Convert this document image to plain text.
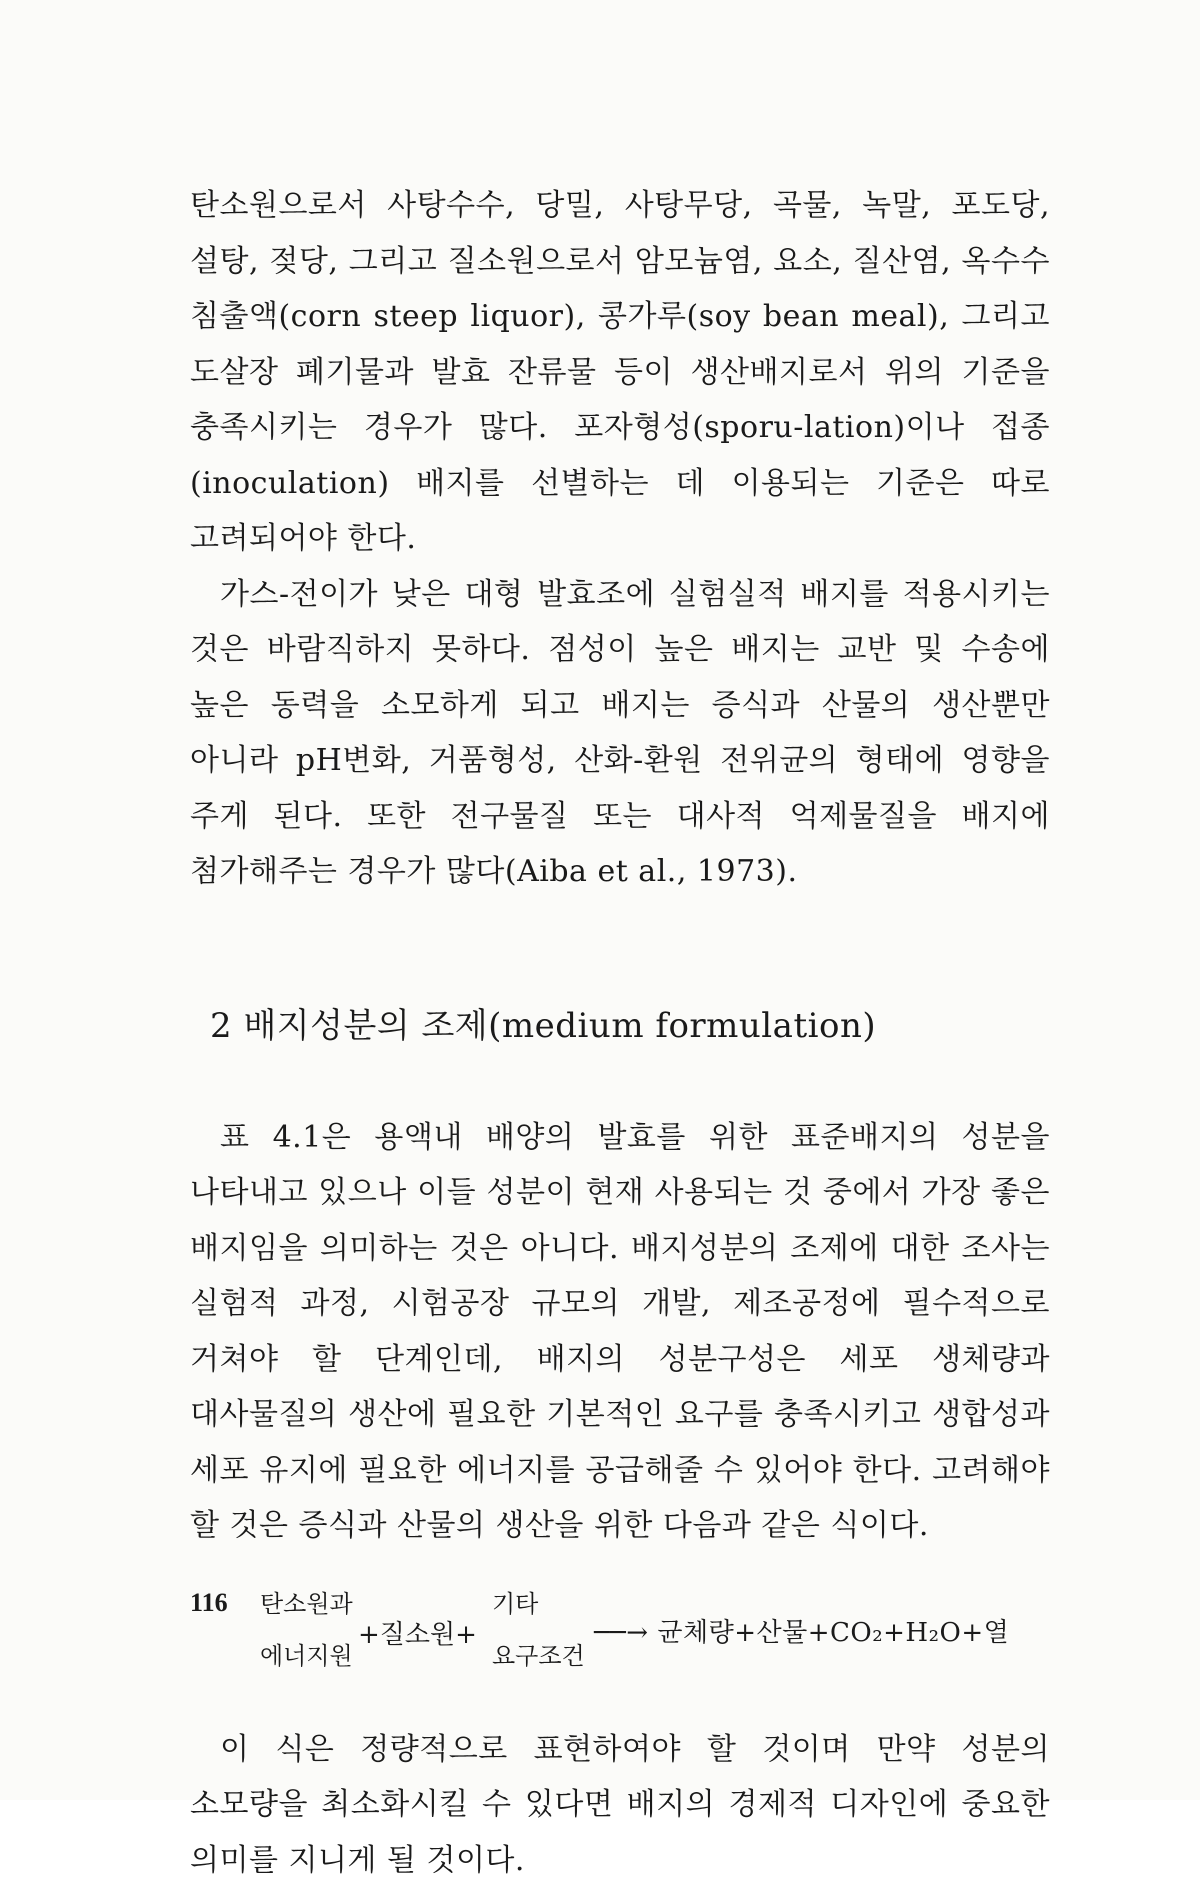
탄소원으로서 사탕수수, 당밀, 사탕무당, 곡물, 녹말, 포도당, 설탕, 젖당, 그리고 질소원으로서 암모늄염, 요소, 질산염, 옥수수 침출액(corn steep liquor), 콩가루(soy bean meal), 그리고 도살장 폐기물과 발효 잔류물 등이 생산배지로서 위의 기준을 충족시키는 경우가 많다. 포자형성(sporu-lation)이나 접종(inoculation) 배지를 선별하는 데 이용되는 기준은 따로 고려되어야 한다.

가스-전이가 낮은 대형 발효조에 실험실적 배지를 적용시키는 것은 바람직하지 못하다. 점성이 높은 배지는 교반 및 수송에 높은 동력을 소모하게 되고 배지는 증식과 산물의 생산뿐만 아니라 pH변화, 거품형성, 산화-환원 전위균의 형태에 영향을 주게 된다. 또한 전구물질 또는 대사적 억제물질을 배지에 첨가해주는 경우가 많다(Aiba et al., 1973).

2 배지성분의 조제(medium formulation)

표 4.1은 용액내 배양의 발효를 위한 표준배지의 성분을 나타내고 있으나 이들 성분이 현재 사용되는 것 중에서 가장 좋은 배지임을 의미하는 것은 아니다. 배지성분의 조제에 대한 조사는 실험적 과정, 시험공장 규모의 개발, 제조공정에 필수적으로 거쳐야 할 단계인데, 배지의 성분구성은 세포 생체량과 대사물질의 생산에 필요한 기본적인 요구를 충족시키고 생합성과 세포 유지에 필요한 에너지를 공급해줄 수 있어야 한다. 고려해야 할 것은 증식과 산물의 생산을 위한 다음과 같은 식이다.

탄소원과
에너지원
+질소원+
기타
요구조건
──→ 균체량+산물+CO₂+H₂O+열

이 식은 정량적으로 표현하여야 할 것이며 만약 성분의 소모량을 최소화시킬 수 있다면 배지의 경제적 디자인에 중요한 의미를 지니게 될 것이다.

116
